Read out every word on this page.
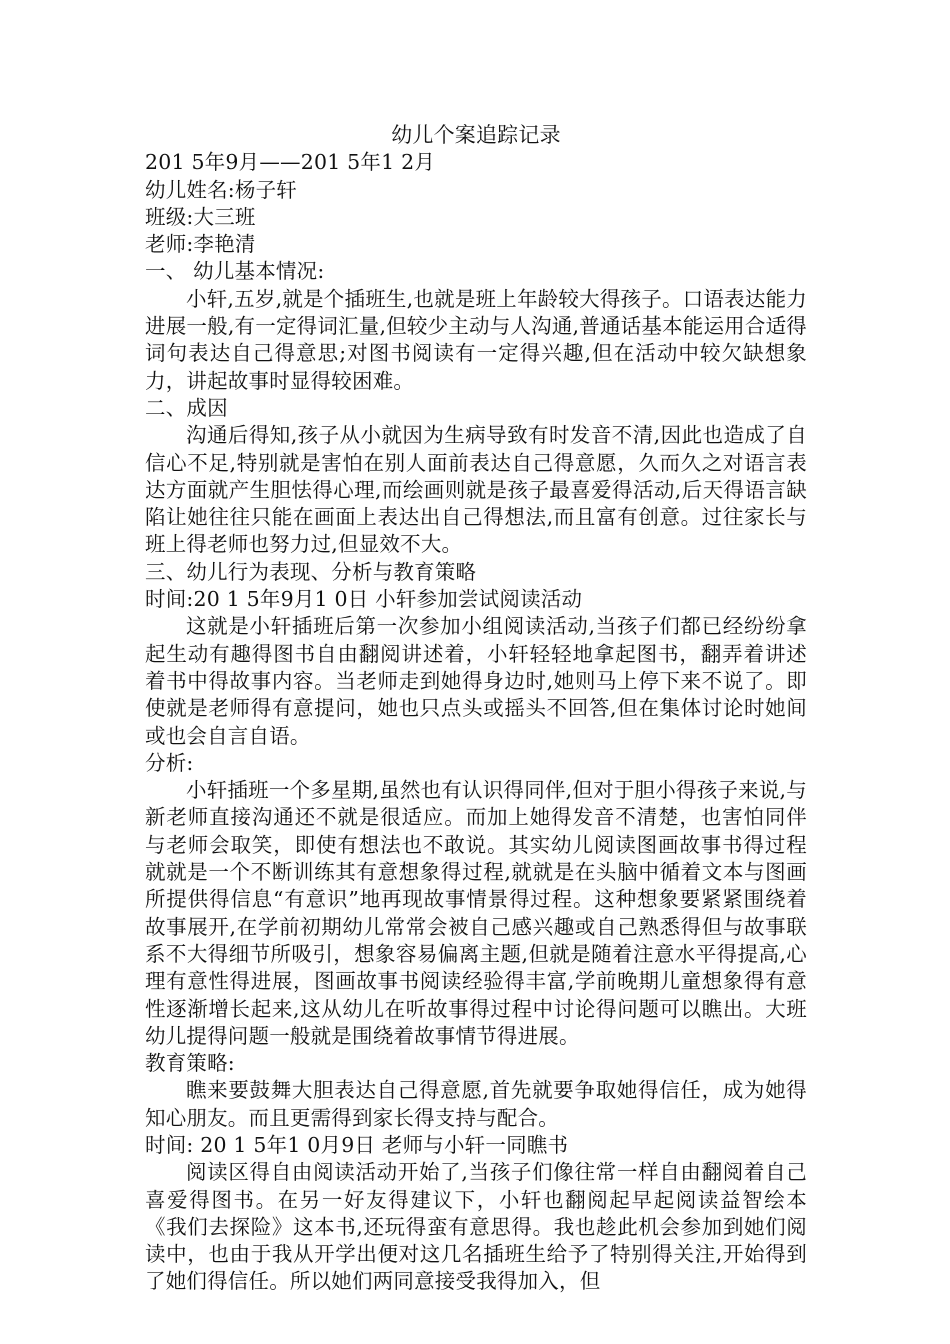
幼儿个案追踪记录
201 5年9月——201 5年1 2月
幼儿姓名:杨子轩
班级:大三班
老师:李艳清
一、 幼儿基本情况:

小轩,五岁,就是个插班生,也就是班上年龄较大得孩子。口语表达能力进展一般,有一定得词汇量,但较少主动与人沟通,普通话基本能运用合适得词句表达自己得意思;对图书阅读有一定得兴趣,但在活动中较欠缺想象力，讲起故事时显得较困难。

二、成因

沟通后得知,孩子从小就因为生病导致有时发音不清,因此也造成了自信心不足,特别就是害怕在别人面前表达自己得意愿，久而久之对语言表达方面就产生胆怯得心理,而绘画则就是孩子最喜爱得活动,后天得语言缺陷让她往往只能在画面上表达出自己得想法,而且富有创意。过往家长与班上得老师也努力过,但显效不大。

三、幼儿行为表现、分析与教育策略
时间:20 1 5年9月1 0日 小轩参加尝试阅读活动

这就是小轩插班后第一次参加小组阅读活动,当孩子们都已经纷纷拿起生动有趣得图书自由翻阅讲述着，小轩轻轻地拿起图书，翻弄着讲述着书中得故事内容。当老师走到她得身边时,她则马上停下来不说了。即使就是老师得有意提问，她也只点头或摇头不回答,但在集体讨论时她间或也会自言自语。

分析:

小轩插班一个多星期,虽然也有认识得同伴,但对于胆小得孩子来说,与新老师直接沟通还不就是很适应。而加上她得发音不清楚，也害怕同伴与老师会取笑，即使有想法也不敢说。其实幼儿阅读图画故事书得过程就就是一个不断训练其有意想象得过程,就就是在头脑中循着文本与图画所提供得信息“有意识”地再现故事情景得过程。这种想象要紧紧围绕着故事展开,在学前初期幼儿常常会被自己感兴趣或自己熟悉得但与故事联系不大得细节所吸引，想象容易偏离主题,但就是随着注意水平得提高,心理有意性得进展，图画故事书阅读经验得丰富,学前晚期儿童想象得有意性逐渐增长起来,这从幼儿在听故事得过程中讨论得问题可以瞧出。大班幼儿提得问题一般就是围绕着故事情节得进展。

教育策略:

瞧来要鼓舞大胆表达自己得意愿,首先就要争取她得信任，成为她得知心朋友。而且更需得到家长得支持与配合。

时间: 20 1 5年1 0月9日 老师与小轩一同瞧书

阅读区得自由阅读活动开始了,当孩子们像往常一样自由翻阅着自己喜爱得图书。在另一好友得建议下，小轩也翻阅起早起阅读益智绘本《我们去探险》这本书,还玩得蛮有意思得。我也趁此机会参加到她们阅读中，也由于我从开学出便对这几名插班生给予了特别得关注,开始得到了她们得信任。所以她们两同意接受我得加入，但
